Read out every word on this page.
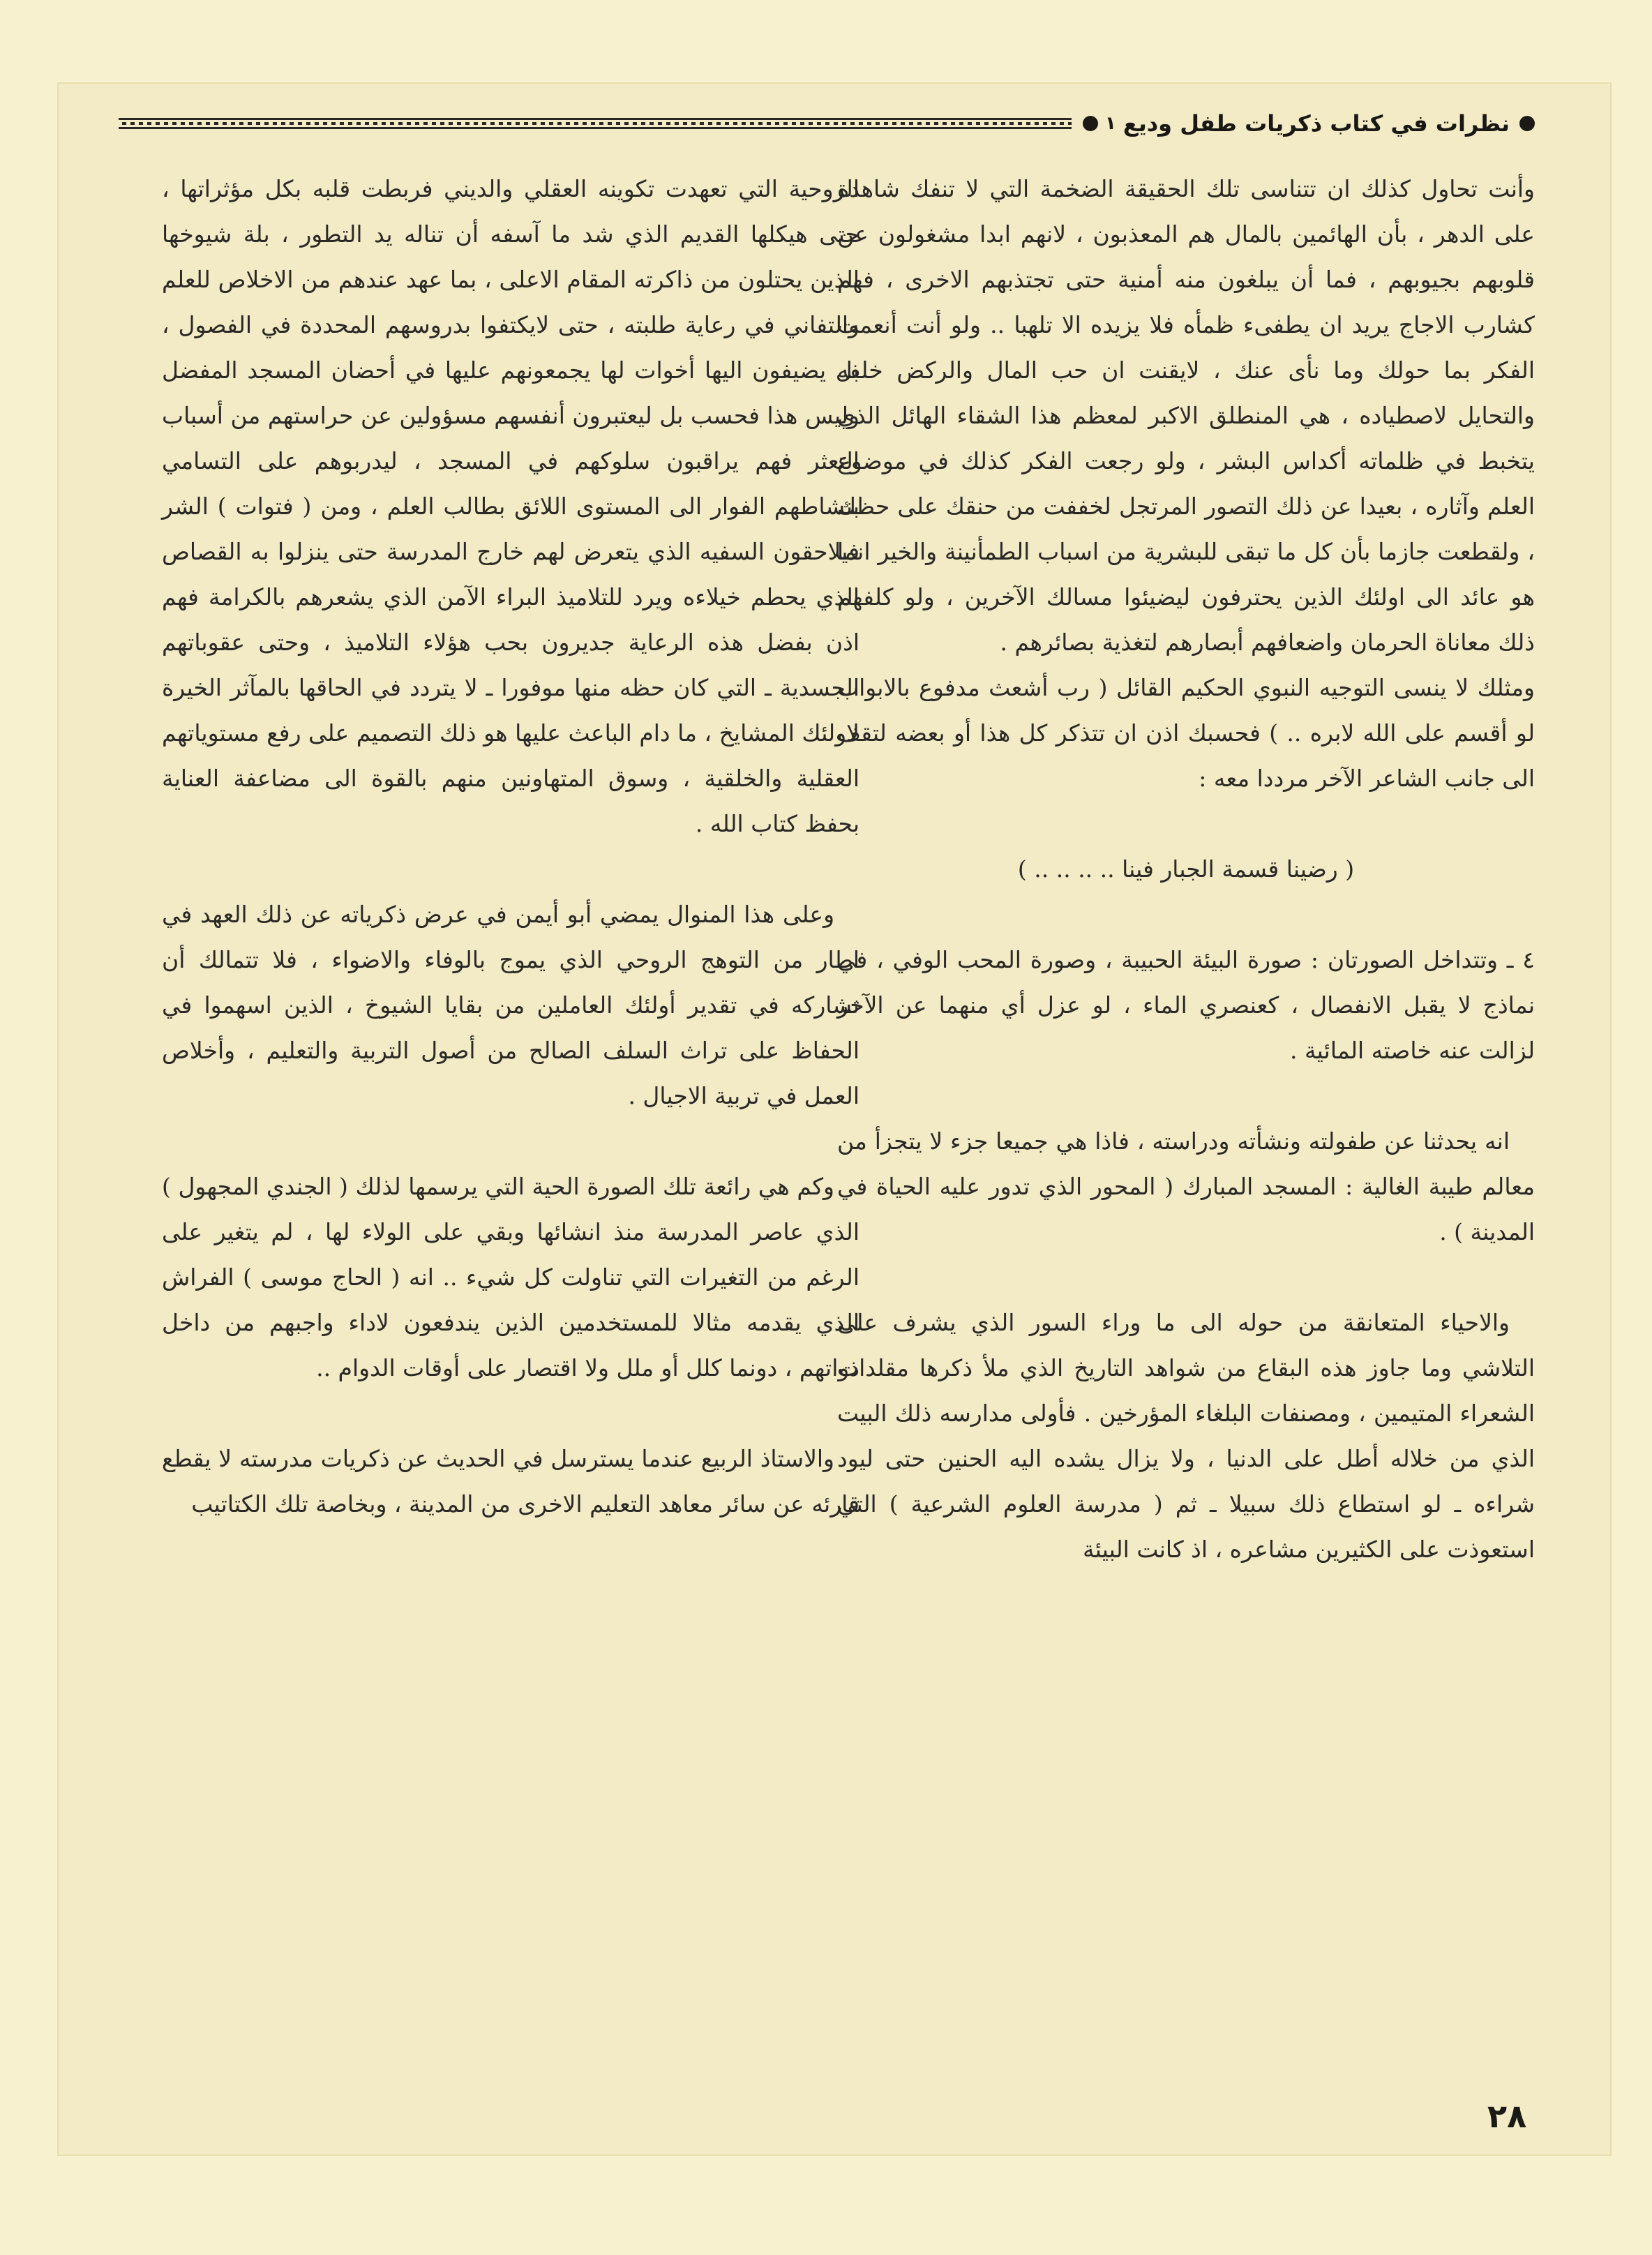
نظرات في كتاب ذكريات طفل وديع
١

وأنت تحاول كذلك ان تتناسى تلك الحقيقة الضخمة التي لا تنفك شاهدة على الدهر ، بأن الهائمين بالمال هم المعذبون ، لانهم ابدا مشغولون عن قلوبهم بجيوبهم ، فما أن يبلغون منه أمنية حتى تجتذبهم الاخرى ، فهم كشارب الاجاج يريد ان يطفىء ظمأه فلا يزيده الا تلهبا .. ولو أنت أنعمت الفكر بما حولك وما نأى عنك ، لايقنت ان حب المال والركض خلفه والتحايل لاصطياده ، هي المنطلق الاكبر لمعظم هذا الشقاء الهائل الذي يتخبط في ظلماته أكداس البشر ، ولو رجعت الفكر كذلك في موضوع العلم وآثاره ، بعيدا عن ذلك التصور المرتجل لخففت من حنقك على حظك ، ولقطعت جازما بأن كل ما تبقى للبشرية من اسباب الطمأنينة والخير انما هو عائد الى اولئك الذين يحترفون ليضيئوا مسالك الآخرين ، ولو كلفهم ذلك معاناة الحرمان واضعافهم أبصارهم لتغذية بصائرهم .

ومثلك لا ينسى التوجيه النبوي الحكيم القائل ( رب أشعث مدفوع بالابواب لو أقسم على الله لابره .. ) فحسبك اذن ان تتذكر كل هذا أو بعضه لتقف الى جانب الشاعر الآخر مرددا معه :

( رضينا قسمة الجبار فينا .. .. .. .. )

٤ ـ وتتداخل الصورتان : صورة البيئة الحبيبة ، وصورة المحب الوفي ، في نماذج لا يقبل الانفصال ، كعنصري الماء ، لو عزل أي منهما عن الآخر لزالت عنه خاصته المائية .

انه يحدثنا عن طفولته ونشأته ودراسته ، فاذا هي جميعا جزء لا يتجزأ من معالم طيبة الغالية : المسجد المبارك ( المحور الذي تدور عليه الحياة في المدينة ) .

والاحياء المتعانقة من حوله الى ما وراء السور الذي يشرف على التلاشي وما جاوز هذه البقاع من شواهد التاريخ الذي ملأ ذكرها مقلدات الشعراء المتيمين ، ومصنفات البلغاء المؤرخين . فأولى مدارسه ذلك البيت الذي من خلاله أطل على الدنيا ، ولا يزال يشده اليه الحنين حتى ليود شراءه ـ لو استطاع ذلك سبيلا ـ ثم ( مدرسة العلوم الشرعية ) التي استعوذت على الكثيرين مشاعره ، اذ كانت البيئة

الروحية التي تعهدت تكوينه العقلي والديني فربطت قلبه بكل مؤثراتها ، حتى هيكلها القديم الذي شد ما آسفه أن تناله يد التطور ، بلة شيوخها الذين يحتلون من ذاكرته المقام الاعلى ، بما عهد عندهم من الاخلاص للعلم والتفاني في رعاية طلبته ، حتى لايكتفوا بدروسهم المحددة في الفصول ، بل يضيفون اليها أخوات لها يجمعونهم عليها في أحضان المسجد المفضل وليس هذا فحسب بل ليعتبرون أنفسهم مسؤولين عن حراستهم من أسباب التعثر فهم يراقبون سلوكهم في المسجد ، ليدربوهم على التسامي بنشاطهم الفوار الى المستوى اللائق بطالب العلم ، ومن ( فتوات ) الشر فيلاحقون السفيه الذي يتعرض لهم خارج المدرسة حتى ينزلوا به القصاص الذي يحطم خيلاءه ويرد للتلاميذ البراء الآمن الذي يشعرهم بالكرامة فهم اذن بفضل هذه الرعاية جديرون بحب هؤلاء التلاميذ ، وحتى عقوباتهم الجسدية ـ التي كان حظه منها موفورا ـ لا يتردد في الحاقها بالمآثر الخيرة لاولئك المشايخ ، ما دام الباعث عليها هو ذلك التصميم على رفع مستوياتهم العقلية والخلقية ، وسوق المتهاونين منهم بالقوة الى مضاعفة العناية بحفظ كتاب الله .

وعلى هذا المنوال يمضي أبو أيمن في عرض ذكرياته عن ذلك العهد في اطار من التوهج الروحي الذي يموج بالوفاء والاضواء ، فلا تتمالك أن تشاركه في تقدير أولئك العاملين من بقايا الشيوخ ، الذين اسهموا في الحفاظ على تراث السلف الصالح من أصول التربية والتعليم ، وأخلاص العمل في تربية الاجيال .

وكم هي رائعة تلك الصورة الحية التي يرسمها لذلك ( الجندي المجهول ) الذي عاصر المدرسة منذ انشائها وبقي على الولاء لها ، لم يتغير على الرغم من التغيرات التي تناولت كل شيء .. انه ( الحاج موسى ) الفراش الذي يقدمه مثالا للمستخدمين الذين يندفعون لاداء واجبهم من داخل ذواتهم ، دونما كلل أو ملل ولا اقتصار على أوقات الدوام ..

والاستاذ الربيع عندما يسترسل في الحديث عن ذكريات مدرسته لا يقطع قارئه عن سائر معاهد التعليم الاخرى من المدينة ، وبخاصة تلك الكتاتيب

٢٨
